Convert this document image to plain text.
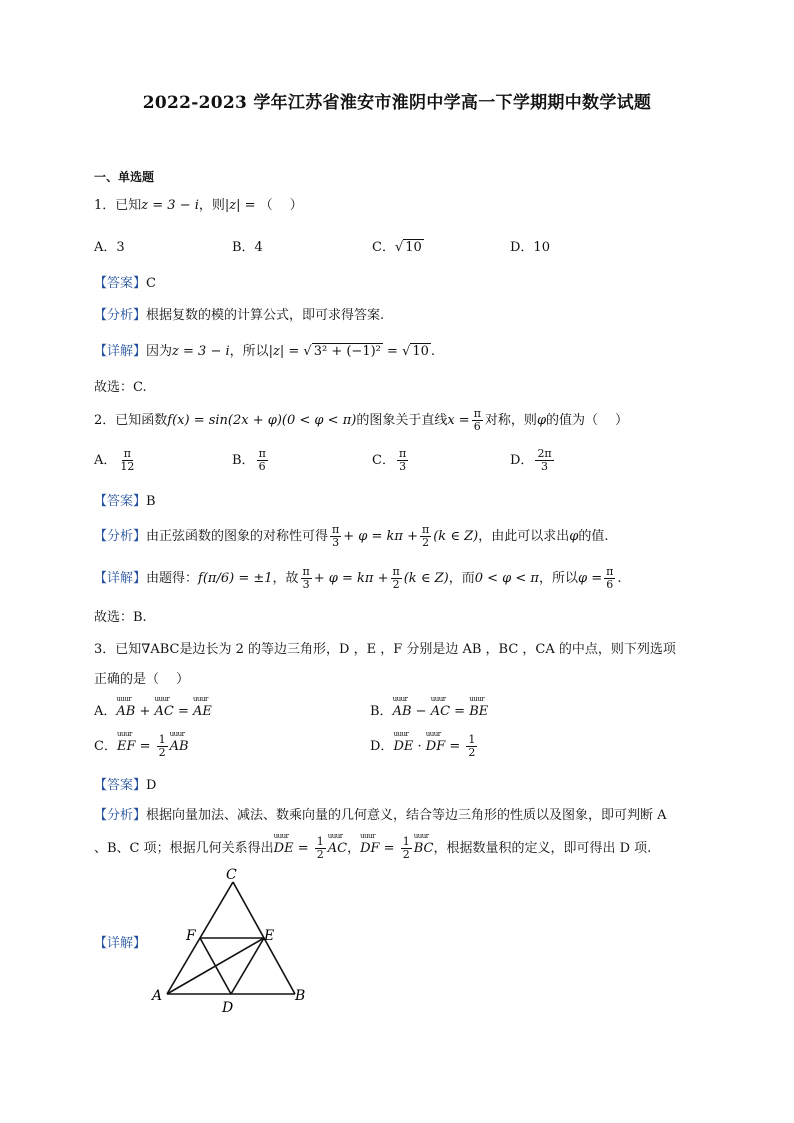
2022-2023 学年江苏省淮安市淮阴中学高一下学期期中数学试题
一、单选题
1．已知z = 3 − i，则|z| = （　 ）
A．3	B．4	C．√ 10	D．10
【答案】C
【分析】根据复数的模的计算公式，即可求得答案.
【详解】因为z = 3 − i，所以|z| = √ 3² + (−1)² = √ 10 .
故选：C.
2．已知函数f(x) = sin(2x + φ)(0 < φ < π)的图象关于直线$x = \frac{\pi}{6}$ 对称，则φ的值为（　 ）
A． $\frac{\pi}{12}$	B． $\frac{\pi}{6}$	C． $\frac{\pi}{3}$	D． $\frac{2\pi}{3}$
【答案】B
【分析】由正弦函数的图象的对称性可得 $\frac{\pi}{3} + \varphi = k\pi + \frac{\pi}{2} (k$ ∈ Z)，由此可以求出φ的值.
【详解】由题得：f(π/6) = ±1，故 $\frac{\pi}{3} + \varphi = k\pi + \frac{\pi}{2} (k$ ∈ Z)，而0 < φ < π，所以$\varphi = \frac{\pi}{6}$ .
故选：B.
3．已知∇ABC是边长为 2 的等边三角形，D ，E ，F 分别是边 AB ，BC ，CA 的中点，则下列选项
正确的是（　 ）
A．uuur AB + uuur AC = uuur AE	B．uuur AB − uuur AC = uuur BE
C．uuur EF = $\frac{1}{2}$ uuur AB	D．uuur DE · uuur DF = $\frac{1}{2}$
【答案】D
【分析】根据向量加法、减法、数乘向量的几何意义，结合等边三角形的性质以及图象，即可判断 A
、B、C 项；根据几何关系得出uuur DE = $\frac{1}{2}$ uuur AC，uuur DF = $\frac{1}{2}$ uuur BC，根据数量积的定义，即可得出 D 项.
【详解】
C
F	E
A	B
D
